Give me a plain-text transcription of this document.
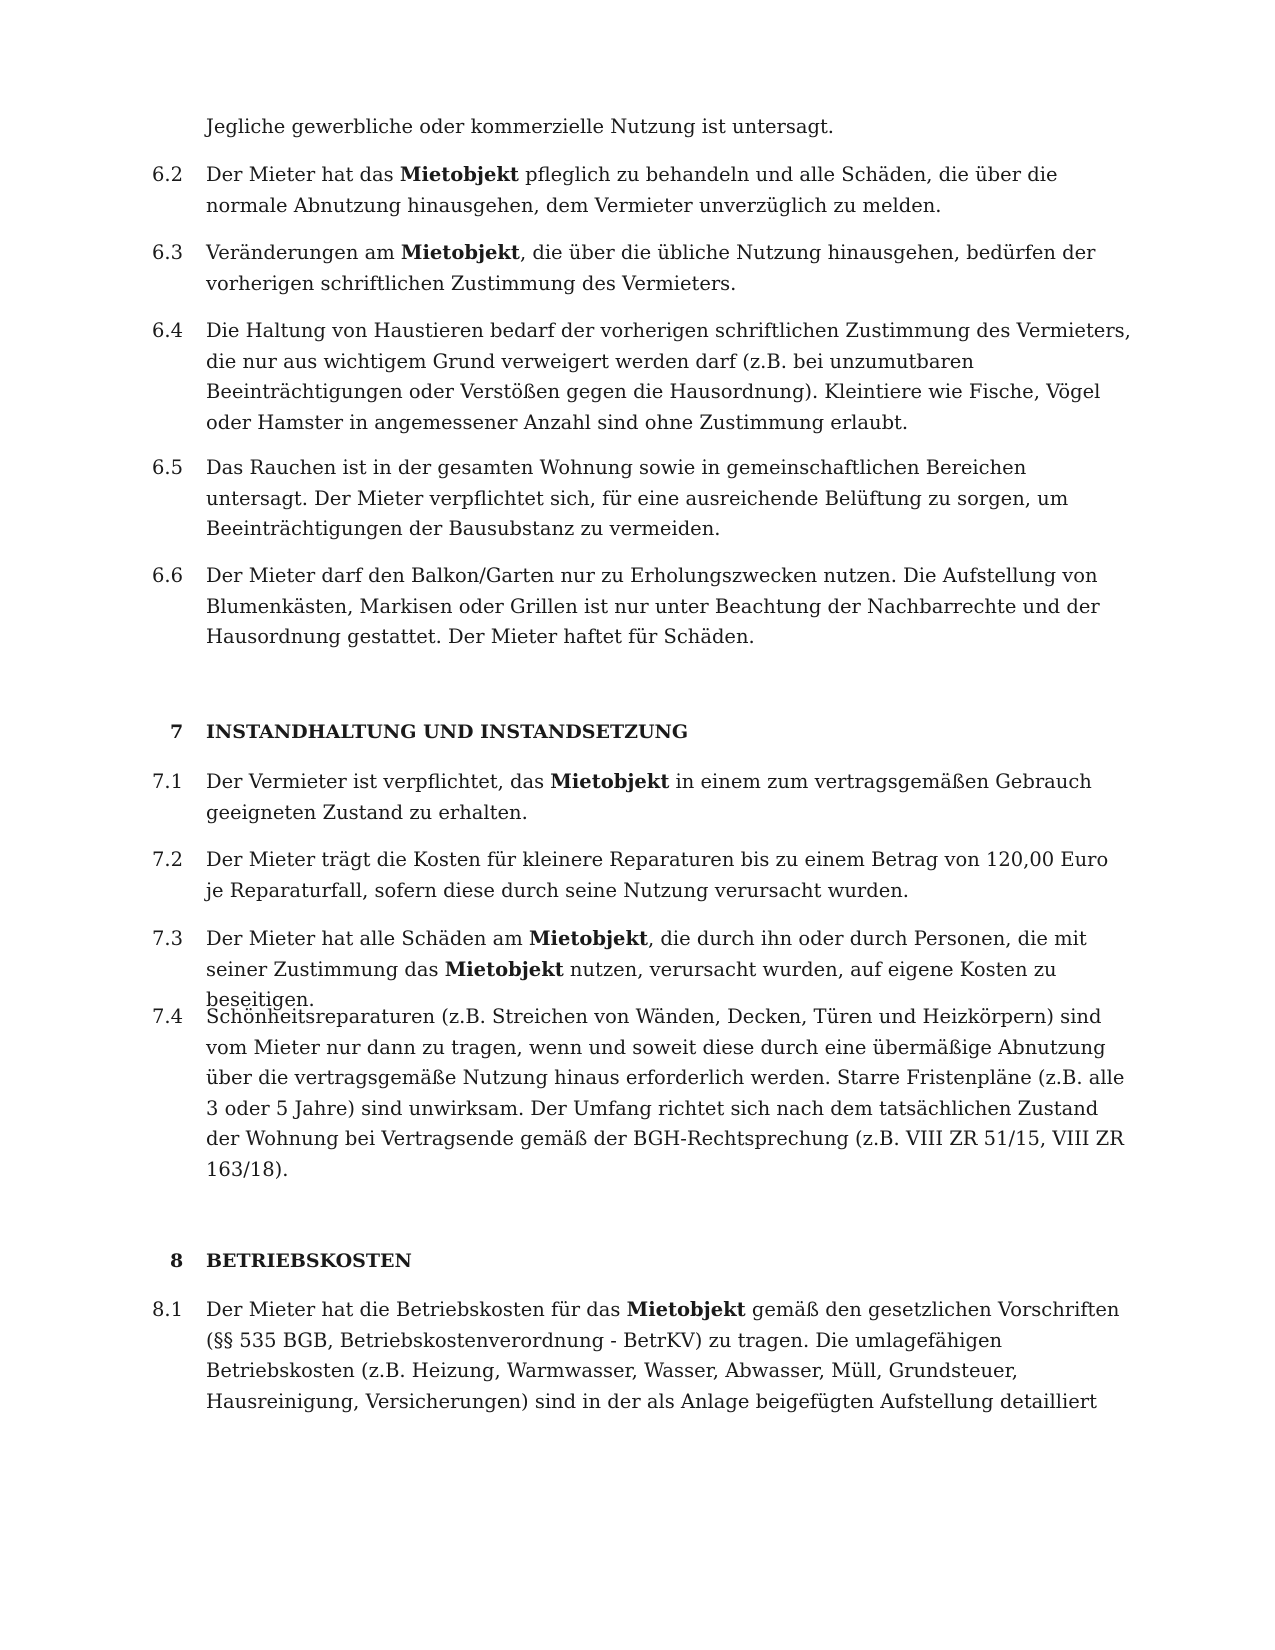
Jegliche gewerbliche oder kommerzielle Nutzung ist untersagt.
6.2	Der Mieter hat das Mietobjekt pfleglich zu behandeln und alle Schäden, die über die normale Abnutzung hinausgehen, dem Vermieter unverzüglich zu melden.
6.3	Veränderungen am Mietobjekt, die über die übliche Nutzung hinausgehen, bedürfen der vorherigen schriftlichen Zustimmung des Vermieters.
6.4	Die Haltung von Haustieren bedarf der vorherigen schriftlichen Zustimmung des Vermieters, die nur aus wichtigem Grund verweigert werden darf (z.B. bei unzumutbaren Beeinträchtigungen oder Verstößen gegen die Hausordnung). Kleintiere wie Fische, Vögel oder Hamster in angemessener Anzahl sind ohne Zustimmung erlaubt.
6.5	Das Rauchen ist in der gesamten Wohnung sowie in gemeinschaftlichen Bereichen untersagt. Der Mieter verpflichtet sich, für eine ausreichende Belüftung zu sorgen, um Beeinträchtigungen der Bausubstanz zu vermeiden.
6.6	Der Mieter darf den Balkon/Garten nur zu Erholungszwecken nutzen. Die Aufstellung von Blumenkästen, Markisen oder Grillen ist nur unter Beachtung der Nachbarrechte und der Hausordnung gestattet. Der Mieter haftet für Schäden.
7	INSTANDHALTUNG UND INSTANDSETZUNG
7.1	Der Vermieter ist verpflichtet, das Mietobjekt in einem zum vertragsgemäßen Gebrauch geeigneten Zustand zu erhalten.
7.2	Der Mieter trägt die Kosten für kleinere Reparaturen bis zu einem Betrag von 120,00 Euro je Reparaturfall, sofern diese durch seine Nutzung verursacht wurden.
7.3	Der Mieter hat alle Schäden am Mietobjekt, die durch ihn oder durch Personen, die mit seiner Zustimmung das Mietobjekt nutzen, verursacht wurden, auf eigene Kosten zu beseitigen.
7.4	Schönheitsreparaturen (z.B. Streichen von Wänden, Decken, Türen und Heizkörpern) sind vom Mieter nur dann zu tragen, wenn und soweit diese durch eine übermäßige Abnutzung über die vertragsgemäße Nutzung hinaus erforderlich werden. Starre Fristenpläne (z.B. alle 3 oder 5 Jahre) sind unwirksam. Der Umfang richtet sich nach dem tatsächlichen Zustand der Wohnung bei Vertragsende gemäß der BGH-Rechtsprechung (z.B. VIII ZR 51/15, VIII ZR 163/18).
8	BETRIEBSKOSTEN
8.1	Der Mieter hat die Betriebskosten für das Mietobjekt gemäß den gesetzlichen Vorschriften (§§ 535 BGB, Betriebskostenverordnung - BetrKV) zu tragen. Die umlagefähigen Betriebskosten (z.B. Heizung, Warmwasser, Wasser, Abwasser, Müll, Grundsteuer, Hausreinigung, Versicherungen) sind in der als Anlage beigefügten Aufstellung detailliert
